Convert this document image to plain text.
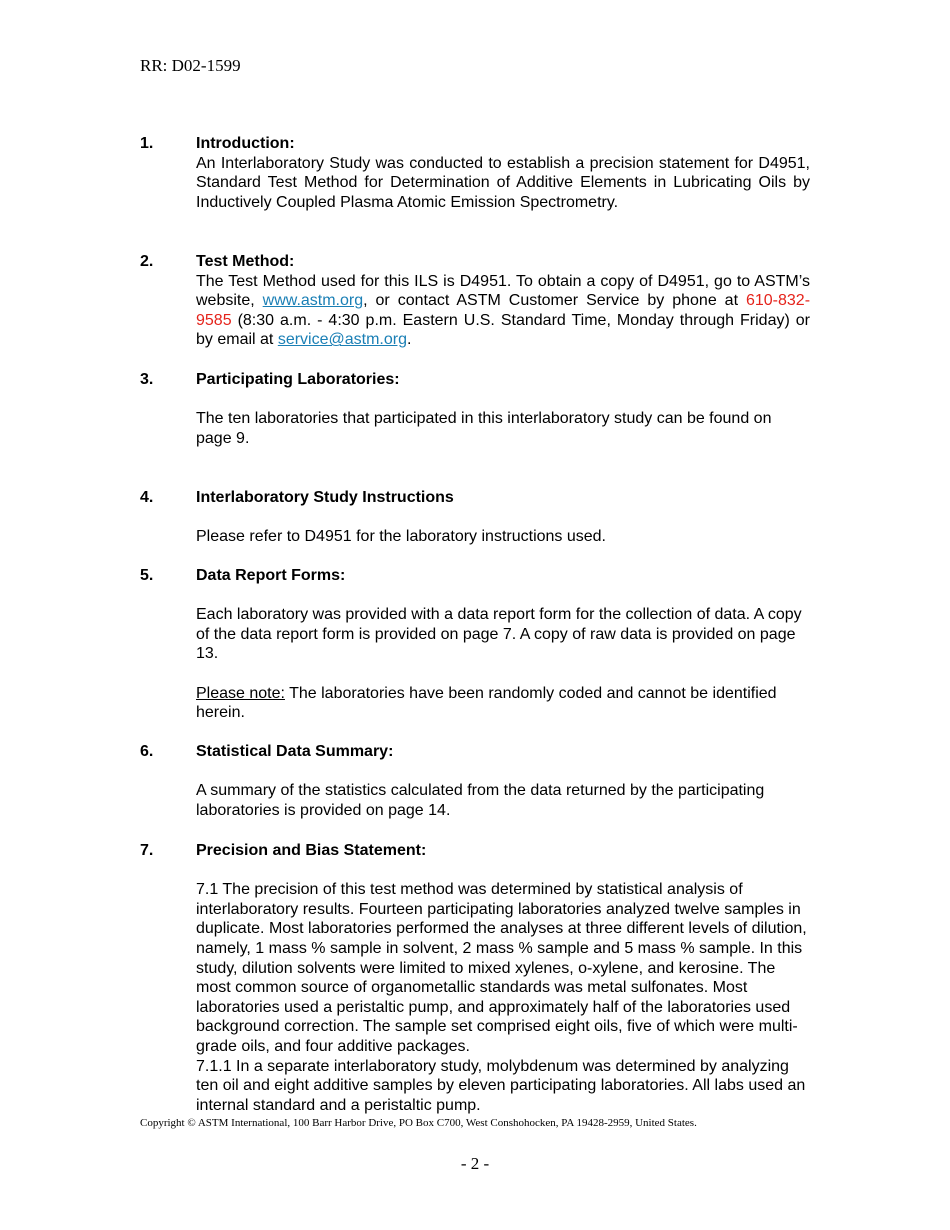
RR: D02-1599
1.	Introduction:
An Interlaboratory Study was conducted to establish a precision statement for D4951, Standard Test Method for Determination of Additive Elements in Lubricating Oils by Inductively Coupled Plasma Atomic Emission Spectrometry.
2.	Test Method:
The Test Method used for this ILS is D4951. To obtain a copy of D4951, go to ASTM’s website, www.astm.org, or contact ASTM Customer Service by phone at 610-832-9585 (8:30 a.m. - 4:30 p.m. Eastern U.S. Standard Time, Monday through Friday) or by email at service@astm.org.
3.	Participating Laboratories:
The ten laboratories that participated in this interlaboratory study can be found on page 9.
4.	Interlaboratory Study Instructions
Please refer to D4951 for the laboratory instructions used.
5.	Data Report Forms:
Each laboratory was provided with a data report form for the collection of data. A copy of the data report form is provided on page 7. A copy of raw data is provided on page 13.
Please note: The laboratories have been randomly coded and cannot be identified herein.
6.	Statistical Data Summary:
A summary of the statistics calculated from the data returned by the participating laboratories is provided on page 14.
7.	Precision and Bias Statement:
7.1 The precision of this test method was determined by statistical analysis of interlaboratory results. Fourteen participating laboratories analyzed twelve samples in duplicate. Most laboratories performed the analyses at three different levels of dilution, namely, 1 mass % sample in solvent, 2 mass % sample and 5 mass % sample. In this study, dilution solvents were limited to mixed xylenes, o-xylene, and kerosine. The most common source of organometallic standards was metal sulfonates. Most laboratories used a peristaltic pump, and approximately half of the laboratories used background correction. The sample set comprised eight oils, five of which were multi-grade oils, and four additive packages.
7.1.1 In a separate interlaboratory study, molybdenum was determined by analyzing ten oil and eight additive samples by eleven participating laboratories. All labs used an internal standard and a peristaltic pump.
Copyright © ASTM International, 100 Barr Harbor Drive, PO Box C700, West Conshohocken, PA 19428-2959, United States.
- 2 -
